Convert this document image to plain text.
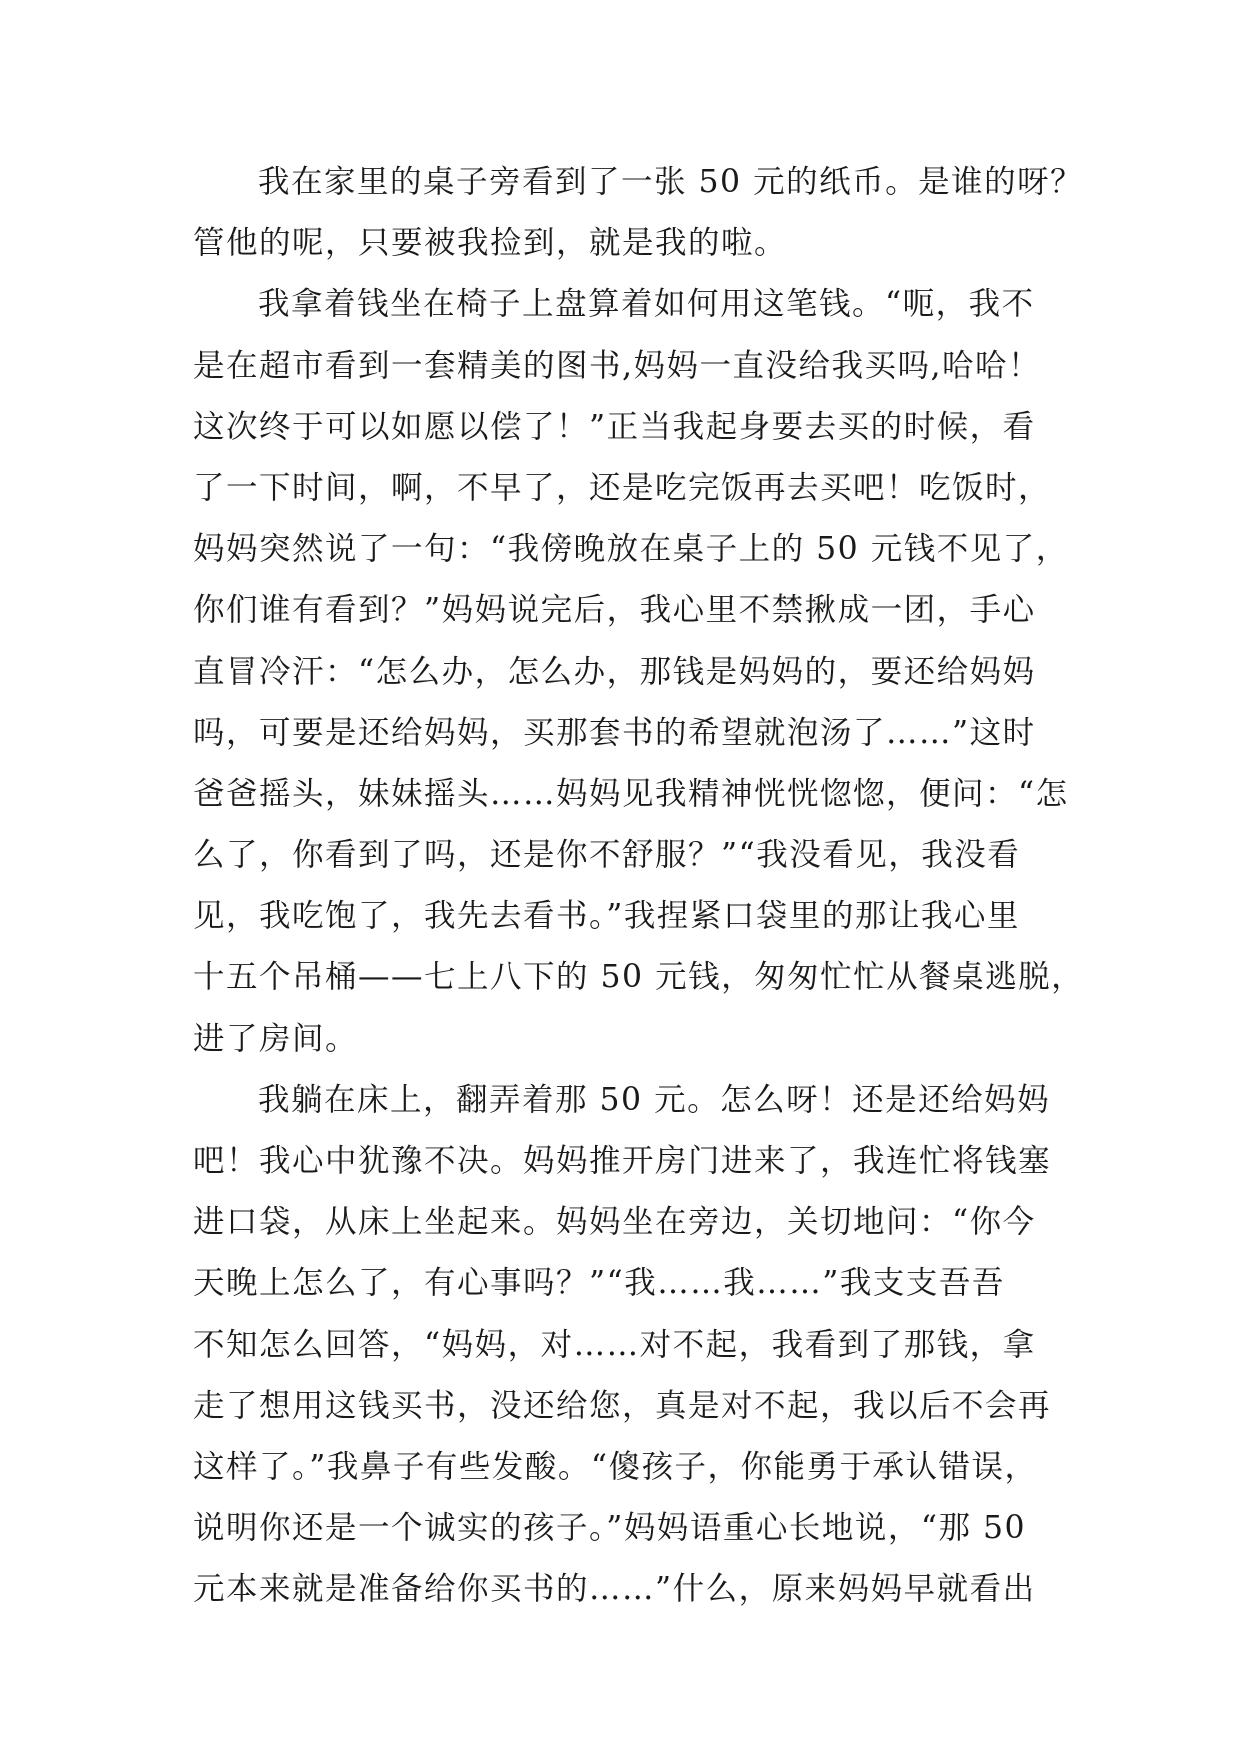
我在家里的桌子旁看到了一张 50 元的纸币。是谁的呀？
管他的呢，只要被我捡到，就是我的啦。

我拿着钱坐在椅子上盘算着如何用这笔钱。“呃，我不
是在超市看到一套精美的图书,妈妈一直没给我买吗,哈哈！
这次终于可以如愿以偿了！”正当我起身要去买的时候，看
了一下时间，啊，不早了，还是吃完饭再去买吧！吃饭时，
妈妈突然说了一句：“我傍晚放在桌子上的 50 元钱不见了，
你们谁有看到？”妈妈说完后，我心里不禁揪成一团，手心
直冒冷汗：“怎么办，怎么办，那钱是妈妈的，要还给妈妈
吗，可要是还给妈妈，买那套书的希望就泡汤了……”这时
爸爸摇头，妹妹摇头……妈妈见我精神恍恍惚惚，便问：“怎
么了，你看到了吗，还是你不舒服？”“我没看见，我没看
见，我吃饱了，我先去看书。”我捏紧口袋里的那让我心里
十五个吊桶——七上八下的 50 元钱，匆匆忙忙从餐桌逃脱，
进了房间。

我躺在床上，翻弄着那 50 元。怎么呀！还是还给妈妈
吧！我心中犹豫不决。妈妈推开房门进来了，我连忙将钱塞
进口袋，从床上坐起来。妈妈坐在旁边，关切地问：“你今
天晚上怎么了，有心事吗？”“我……我……”我支支吾吾
不知怎么回答，“妈妈，对……对不起，我看到了那钱，拿
走了想用这钱买书，没还给您，真是对不起，我以后不会再
这样了。”我鼻子有些发酸。“傻孩子，你能勇于承认错误，
说明你还是一个诚实的孩子。”妈妈语重心长地说，“那 50
元本来就是准备给你买书的……”什么，原来妈妈早就看出
